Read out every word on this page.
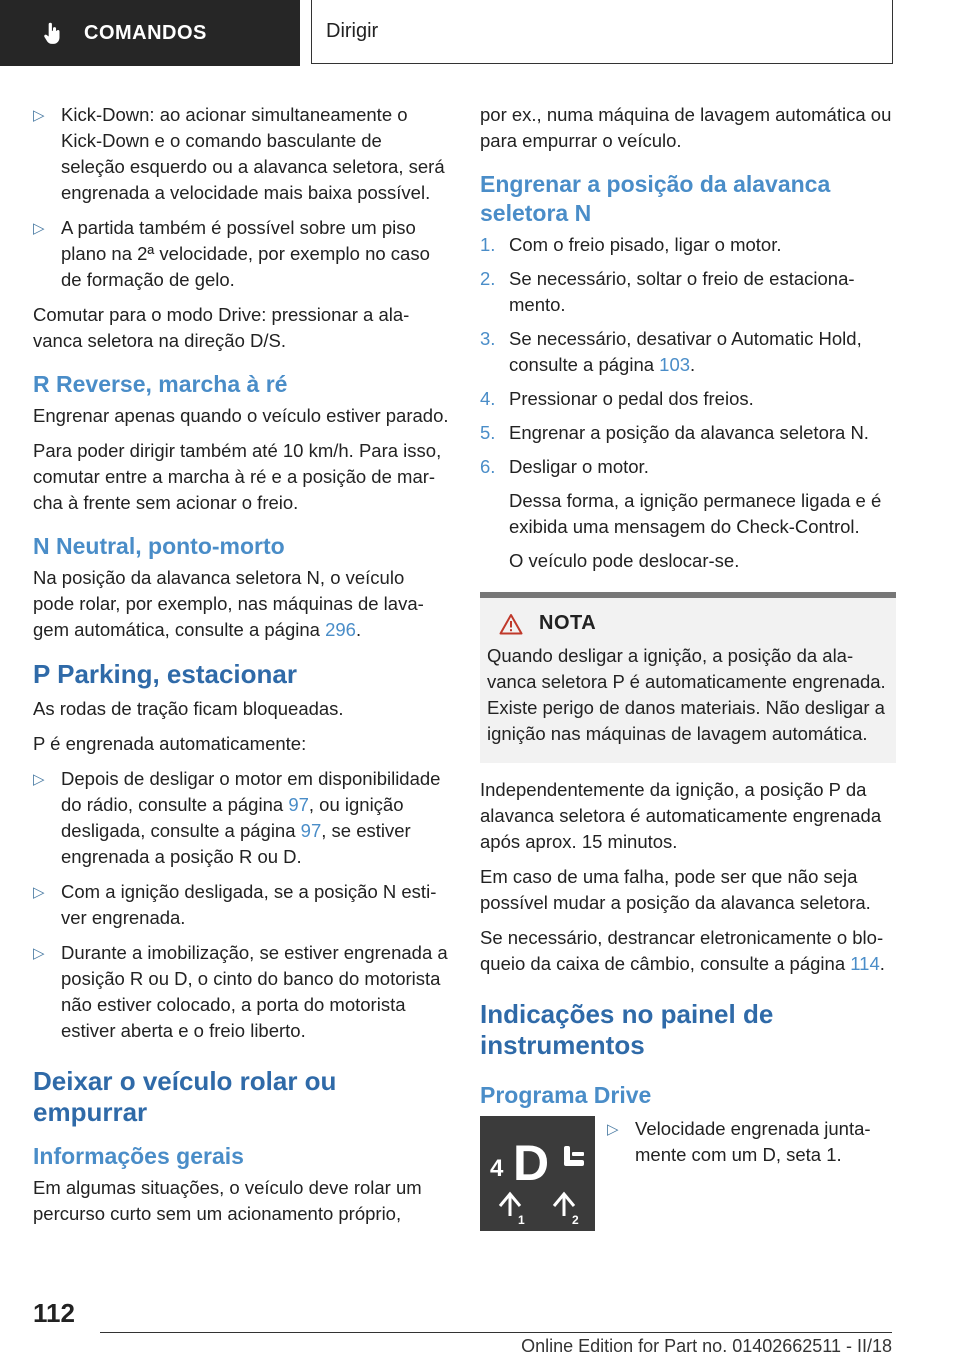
COMANDOS	Dirigir
▷ Kick-Down: ao acionar simultaneamente o Kick-Down e o comando basculante de seleção esquerdo ou a alavanca seletora, será engrenada a velocidade mais baixa possível.
▷ A partida também é possível sobre um piso plano na 2ª velocidade, por exemplo no caso de formação de gelo.

Comutar para o modo Drive: pressionar a alavanca seletora na direção D/S.

R Reverse, marcha à ré

Engrenar apenas quando o veículo estiver parado.

Para poder dirigir também até 10 km/h. Para isso, comutar entre a marcha à ré e a posição de marcha à frente sem acionar o freio.

N Neutral, ponto-morto

Na posição da alavanca seletora N, o veículo pode rolar, por exemplo, nas máquinas de lavagem automática, consulte a página 296.

P Parking, estacionar

As rodas de tração ficam bloqueadas.

P é engrenada automaticamente:

▷ Depois de desligar o motor em disponibilidade do rádio, consulte a página 97, ou ignição desligada, consulte a página 97, se estiver engrenada a posição R ou D.
▷ Com a ignição desligada, se a posição N estiver engrenada.
▷ Durante a imobilização, se estiver engrenada a posição R ou D, o cinto do banco do motorista não estiver colocado, a porta do motorista estiver aberta e o freio liberto.
Deixar o veículo rolar ou empurrar
Informações gerais

Em algumas situações, o veículo deve rolar um percurso curto sem um acionamento próprio,

por ex., numa máquina de lavagem automática ou para empurrar o veículo.

Engrenar a posição da alavanca seletora N
1. Com o freio pisado, ligar o motor.
2. Se necessário, soltar o freio de estacionamento.
3. Se necessário, desativar o Automatic Hold, consulte a página 103.
4. Pressionar o pedal dos freios.
5. Engrenar a posição da alavanca seletora N.
6. Desligar o motor.
Dessa forma, a ignição permanece ligada e é exibida uma mensagem do Check-Control.
O veículo pode deslocar-se.
NOTA

Quando desligar a ignição, a posição da alavanca seletora P é automaticamente engrenada. Existe perigo de danos materiais. Não desligar a ignição nas máquinas de lavagem automática.

Independentemente da ignição, a posição P da alavanca seletora é automaticamente engrenada após aprox. 15 minutos.

Em caso de uma falha, pode ser que não seja possível mudar a posição da alavanca seletora.

Se necessário, destrancar eletronicamente o bloqueio da caixa de câmbio, consulte a página 114.

Indicações no painel de instrumentos
Programa Drive
4 D
1	2
▷ Velocidade engrenada juntamente com um D, seta 1.
112
Online Edition for Part no. 01402662511 - II/18
